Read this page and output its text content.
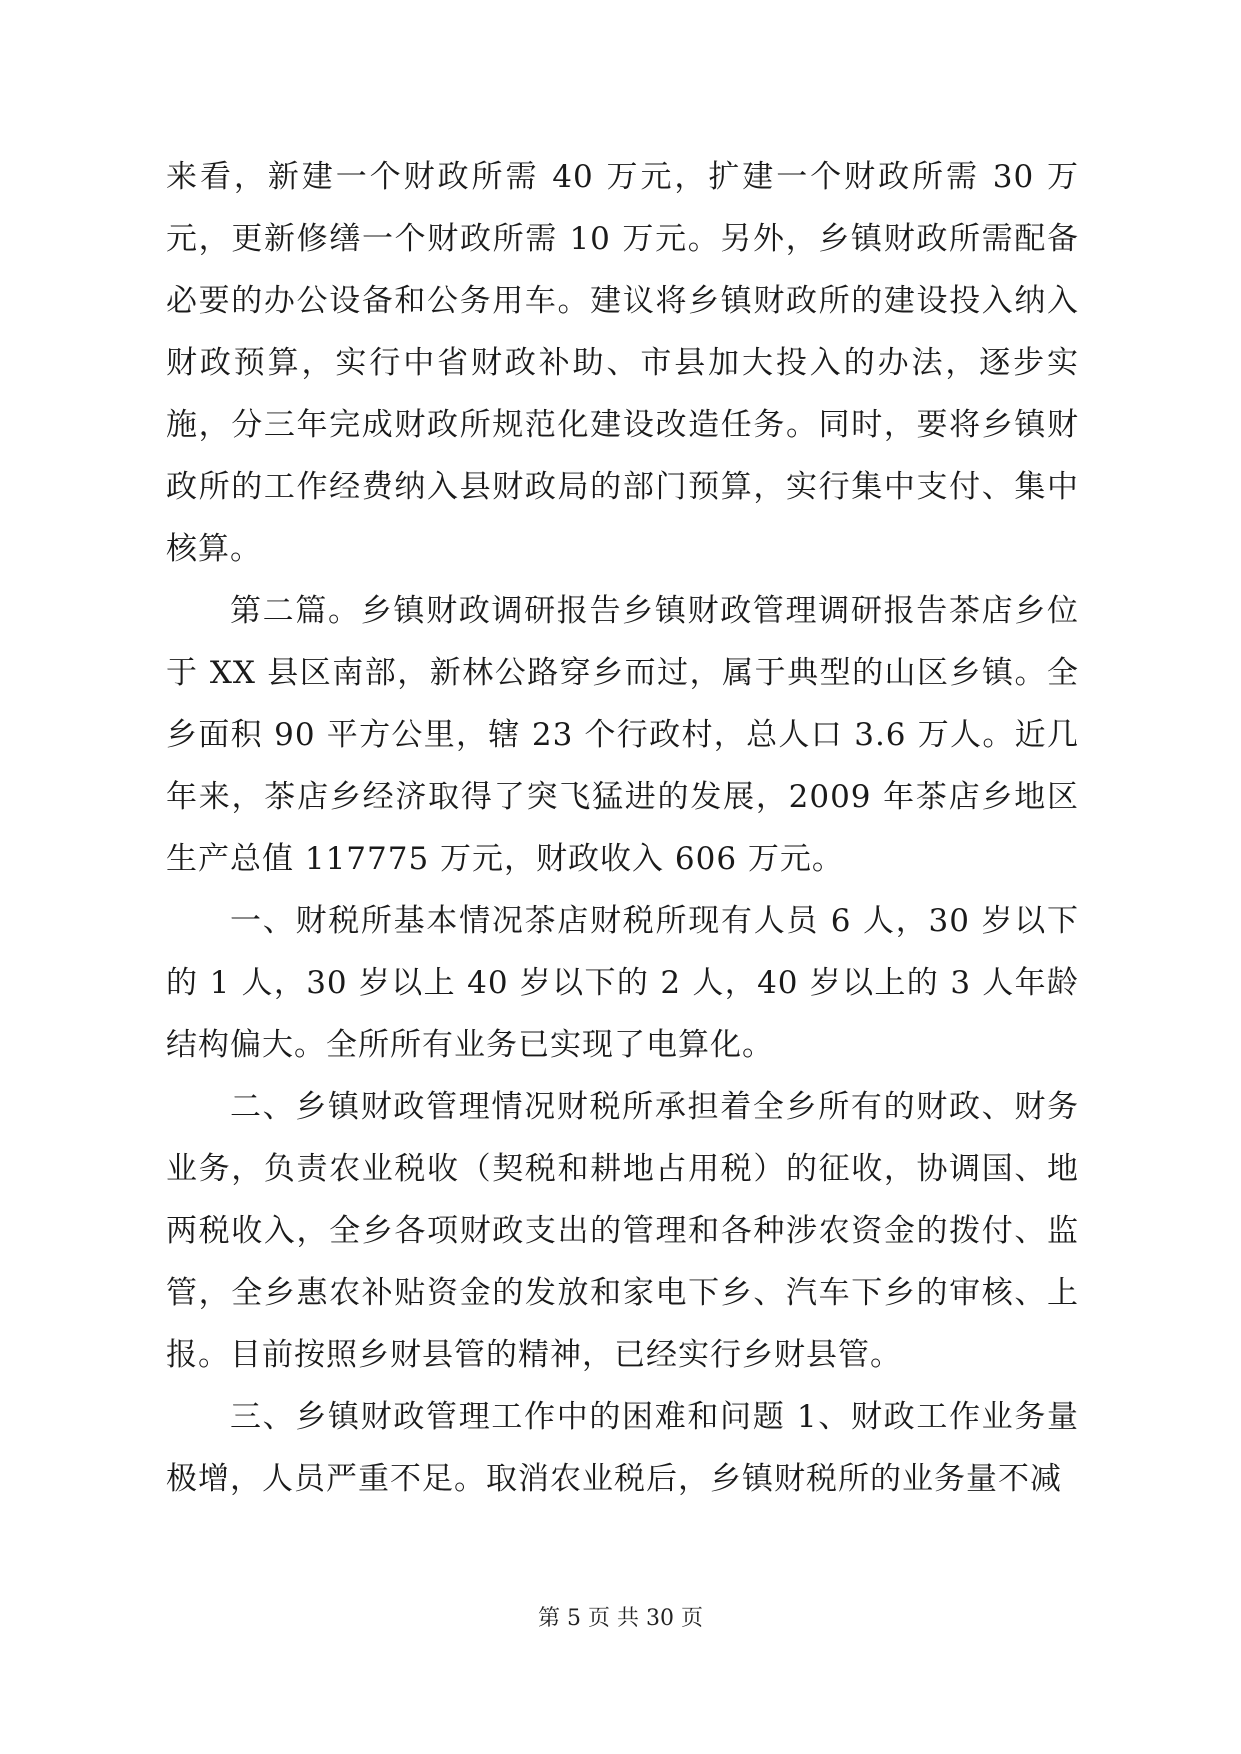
来看，新建一个财政所需 40 万元，扩建一个财政所需 30 万元，更新修缮一个财政所需 10 万元。另外，乡镇财政所需配备必要的办公设备和公务用车。建议将乡镇财政所的建设投入纳入财政预算，实行中省财政补助、市县加大投入的办法，逐步实施，分三年完成财政所规范化建设改造任务。同时，要将乡镇财政所的工作经费纳入县财政局的部门预算，实行集中支付、集中核算。

第二篇。乡镇财政调研报告乡镇财政管理调研报告茶店乡位于 XX 县区南部，新林公路穿乡而过，属于典型的山区乡镇。全乡面积 90 平方公里，辖 23 个行政村，总人口 3.6 万人。近几年来，茶店乡经济取得了突飞猛进的发展，2009 年茶店乡地区生产总值 117775 万元，财政收入 606 万元。

一、财税所基本情况茶店财税所现有人员 6 人，30 岁以下的 1 人，30 岁以上 40 岁以下的 2 人，40 岁以上的 3 人年龄结构偏大。全所所有业务已实现了电算化。

二、乡镇财政管理情况财税所承担着全乡所有的财政、财务业务，负责农业税收（契税和耕地占用税）的征收，协调国、地两税收入，全乡各项财政支出的管理和各种涉农资金的拨付、监管，全乡惠农补贴资金的发放和家电下乡、汽车下乡的审核、上报。目前按照乡财县管的精神，已经实行乡财县管。

三、乡镇财政管理工作中的困难和问题 1、财政工作业务量极增，人员严重不足。取消农业税后，乡镇财税所的业务量不减

第 5 页 共 30 页
